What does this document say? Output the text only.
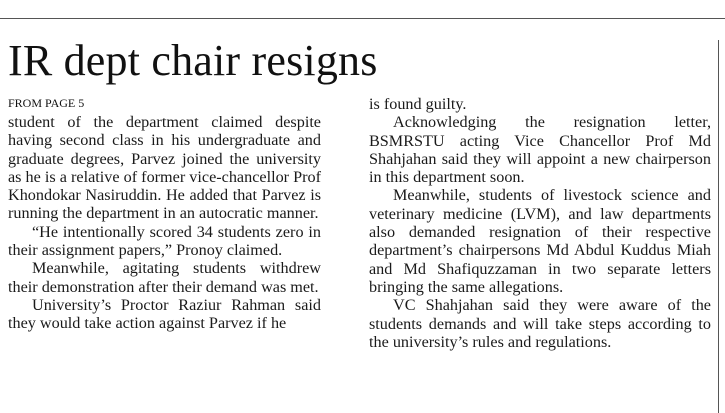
IR dept chair resigns
FROM PAGE 5

student of the department claimed despite having second class in his undergraduate and graduate degrees, Parvez joined the university as he is a relative of former vice-chancellor Prof Khondokar Nasiruddin. He added that Parvez is running the department in an autocratic manner.

“He intentionally scored 34 students zero in their assignment papers,” Pronoy claimed.

Meanwhile, agitating students withdrew their demonstration after their demand was met.

University’s Proctor Raziur Rahman said they would take action against Parvez if he

is found guilty.

Acknowledging the resignation letter, BSMRSTU acting Vice Chancellor Prof Md Shahjahan said they will appoint a new chairperson in this department soon.

Meanwhile, students of livestock science and veterinary medicine (LVM), and law departments also demanded resignation of their respective department’s chairpersons Md Abdul Kuddus Miah and Md Shafiquzzaman in two separate letters bringing the same allegations.

VC Shahjahan said they were aware of the students demands and will take steps according to the university’s rules and regulations.
